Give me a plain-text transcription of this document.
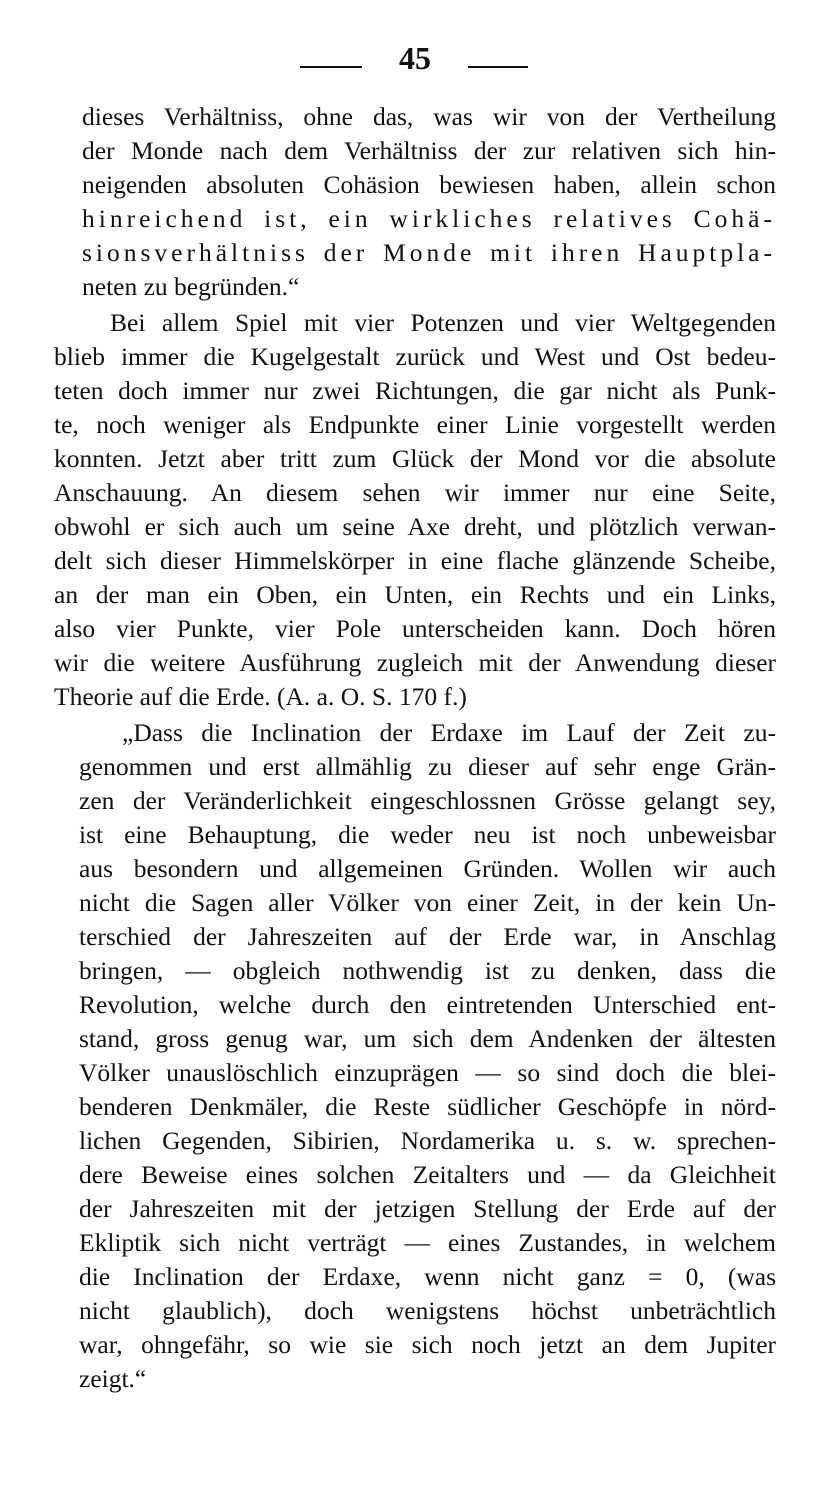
45
dieses Verhältniss, ohne das, was wir von der Vertheilung
der Monde nach dem Verhältniss der zur relativen sich hin-
neigenden absoluten Cohäsion bewiesen haben, allein schon
hinreichend ist, ein wirkliches relatives Cohä-
sionsverhältniss der Monde mit ihren Hauptpla-
neten zu begründen.“
Bei allem Spiel mit vier Potenzen und vier Weltgegenden
blieb immer die Kugelgestalt zurück und West und Ost bedeu-
teten doch immer nur zwei Richtungen, die gar nicht als Punk-
te, noch weniger als Endpunkte einer Linie vorgestellt werden
konnten. Jetzt aber tritt zum Glück der Mond vor die absolute
Anschauung. An diesem sehen wir immer nur eine Seite,
obwohl er sich auch um seine Axe dreht, und plötzlich verwan-
delt sich dieser Himmelskörper in eine flache glänzende Scheibe,
an der man ein Oben, ein Unten, ein Rechts und ein Links,
also vier Punkte, vier Pole unterscheiden kann. Doch hören
wir die weitere Ausführung zugleich mit der Anwendung dieser
Theorie auf die Erde. (A. a. O. S. 170 f.)
„Dass die Inclination der Erdaxe im Lauf der Zeit zu-
genommen und erst allmählig zu dieser auf sehr enge Grän-
zen der Veränderlichkeit eingeschlossnen Grösse gelangt sey,
ist eine Behauptung, die weder neu ist noch unbeweisbar
aus besondern und allgemeinen Gründen. Wollen wir auch
nicht die Sagen aller Völker von einer Zeit, in der kein Un-
terschied der Jahreszeiten auf der Erde war, in Anschlag
bringen, — obgleich nothwendig ist zu denken, dass die
Revolution, welche durch den eintretenden Unterschied ent-
stand, gross genug war, um sich dem Andenken der ältesten
Völker unauslöschlich einzuprägen — so sind doch die blei-
benderen Denkmäler, die Reste südlicher Geschöpfe in nörd-
lichen Gegenden, Sibirien, Nordamerika u. s. w. sprechen-
dere Beweise eines solchen Zeitalters und — da Gleichheit
der Jahreszeiten mit der jetzigen Stellung der Erde auf der
Ekliptik sich nicht verträgt — eines Zustandes, in welchem
die Inclination der Erdaxe, wenn nicht ganz = 0, (was
nicht glaublich), doch wenigstens höchst unbeträchtlich
war, ohngefähr, so wie sie sich noch jetzt an dem Jupiter
zeigt.“
